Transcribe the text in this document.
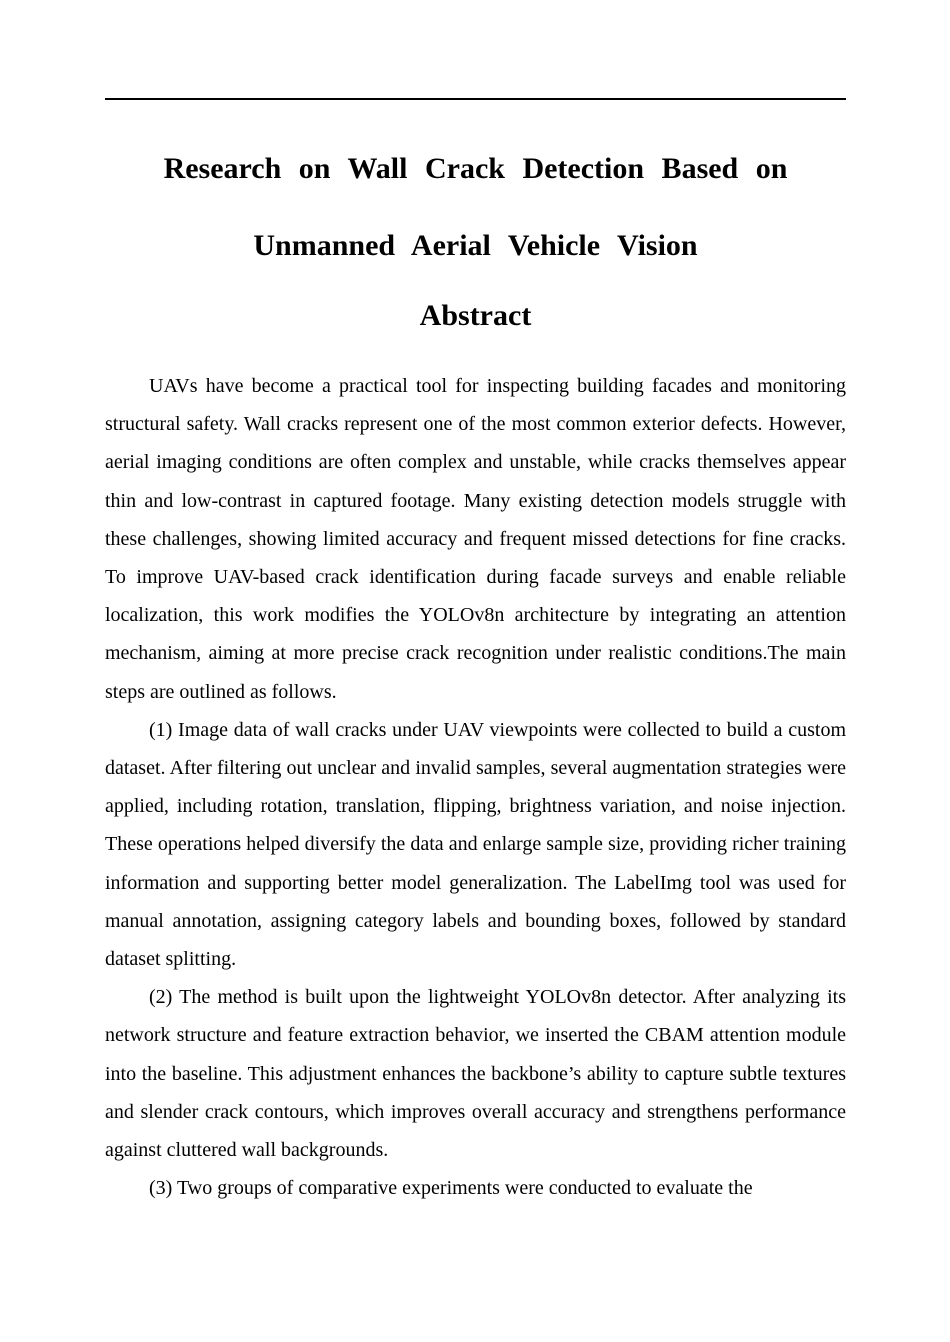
Research on Wall Crack Detection Based on
Unmanned Aerial Vehicle Vision
Abstract

UAVs have become a practical tool for inspecting building facades and monitoring structural safety. Wall cracks represent one of the most common exterior defects. However, aerial imaging conditions are often complex and unstable, while cracks themselves appear thin and low-contrast in captured footage. Many existing detection models struggle with these challenges, showing limited accuracy and frequent missed detections for fine cracks. To improve UAV-based crack identification during facade surveys and enable reliable localization, this work modifies the YOLOv8n architecture by integrating an attention mechanism, aiming at more precise crack recognition under realistic conditions.The main steps are outlined as follows.

(1) Image data of wall cracks under UAV viewpoints were collected to build a custom dataset. After filtering out unclear and invalid samples, several augmentation strategies were applied, including rotation, translation, flipping, brightness variation, and noise injection. These operations helped diversify the data and enlarge sample size, providing richer training information and supporting better model generalization. The LabelImg tool was used for manual annotation, assigning category labels and bounding boxes, followed by standard dataset splitting.

(2) The method is built upon the lightweight YOLOv8n detector. After analyzing its network structure and feature extraction behavior, we inserted the CBAM attention module into the baseline. This adjustment enhances the backbone’s ability to capture subtle textures and slender crack contours, which improves overall accuracy and strengthens performance against cluttered wall backgrounds.

(3) Two groups of comparative experiments were conducted to evaluate the
